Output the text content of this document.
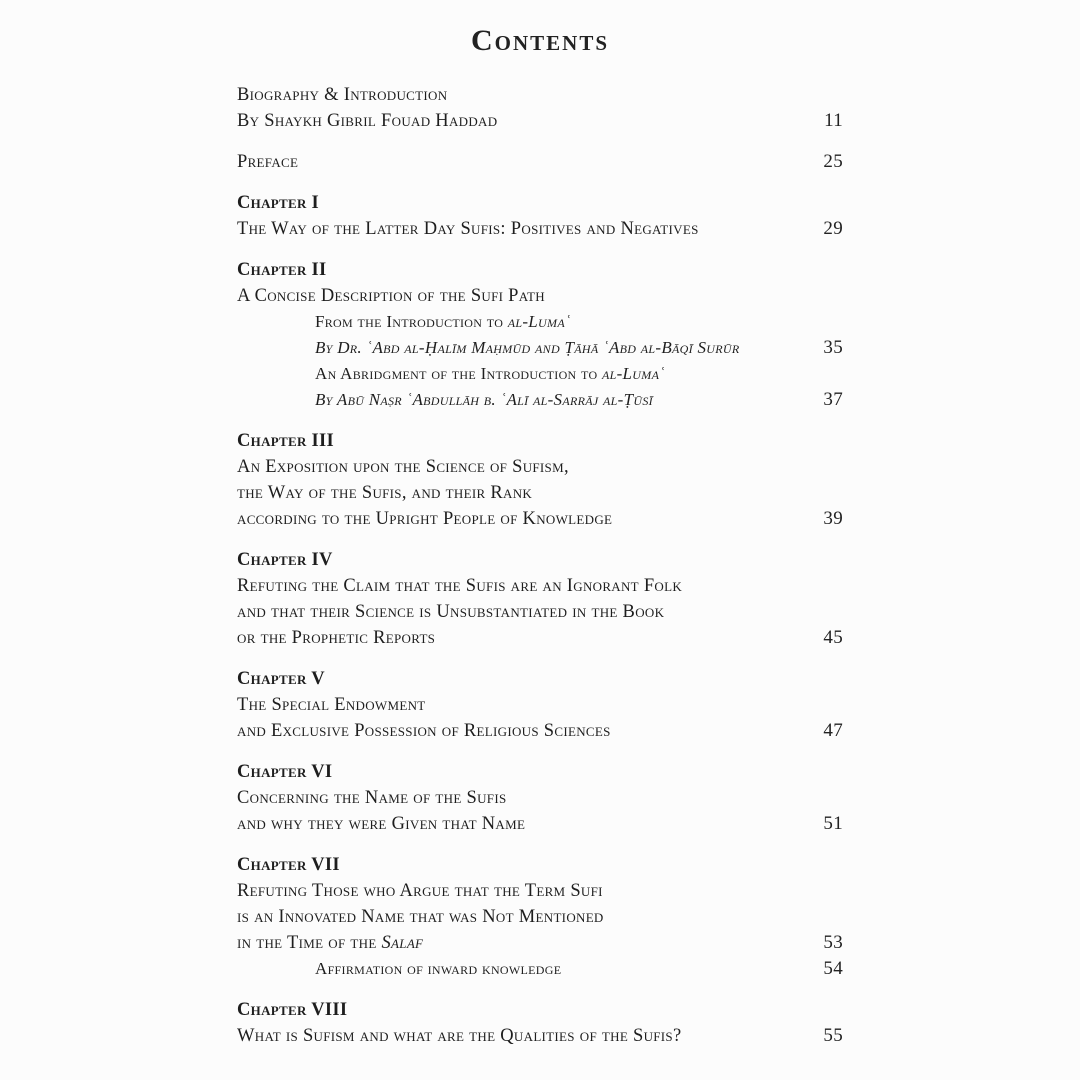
Contents
Biography & Introduction
By Shaykh Gibril Fouad Haddad	11
Preface	25
Chapter I
The Way of the Latter Day Sufis: Positives and Negatives	29
Chapter II
A Concise Description of the Sufi Path
From the Introduction to al-Lumaʿ
By Dr. ʿAbd al-Ḥalīm Maḥmūd and Ṭāhā ʿAbd al-Bāqī Surūr	35
An Abridgment of the Introduction to al-Lumaʿ
By Abū Naṣr ʿAbdullāh b. ʿAlī al-Sarrāj al-Ṭūsī	37
Chapter III
An Exposition upon the Science of Sufism,
the Way of the Sufis, and their Rank
according to the Upright People of Knowledge	39
Chapter IV
Refuting the Claim that the Sufis are an Ignorant Folk
and that their Science is Unsubstantiated in the Book
or the Prophetic Reports	45
Chapter V
The Special Endowment
and Exclusive Possession of Religious Sciences	47
Chapter VI
Concerning the Name of the Sufis
and why they were Given that Name	51
Chapter VII
Refuting Those who Argue that the Term Sufi
is an Innovated Name that was Not Mentioned
in the Time of the Salaf	53
Affirmation of inward knowledge	54
Chapter VIII
What is Sufism and what are the Qualities of the Sufis?	55
